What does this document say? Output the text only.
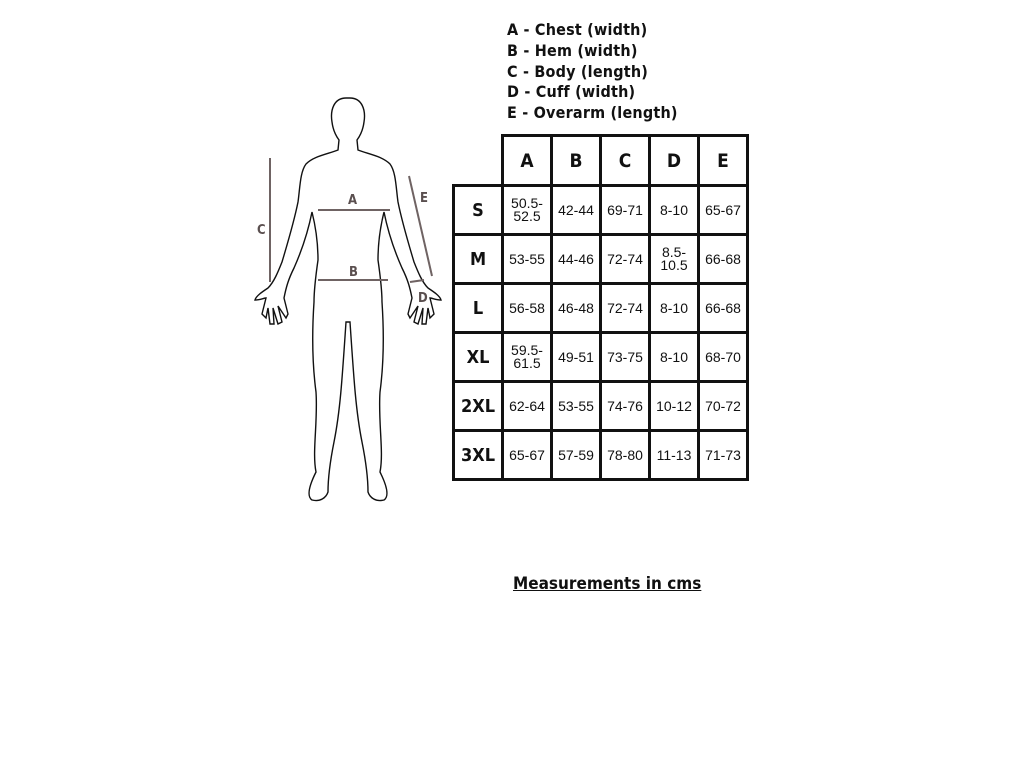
C
A
B
E
D
A - Chest (width)
B - Hem (width)
C - Body (length)
D - Cuff (width)
E - Overarm (length)
	A	B	C	D	E
S	50.5-52.5	42-44	69-71	8-10	65-67
M	53-55	44-46	72-74	8.5-10.5	66-68
L	56-58	46-48	72-74	8-10	66-68
XL	59.5-61.5	49-51	73-75	8-10	68-70
2XL	62-64	53-55	74-76	10-12	70-72
3XL	65-67	57-59	78-80	11-13	71-73
Measurements in cms
